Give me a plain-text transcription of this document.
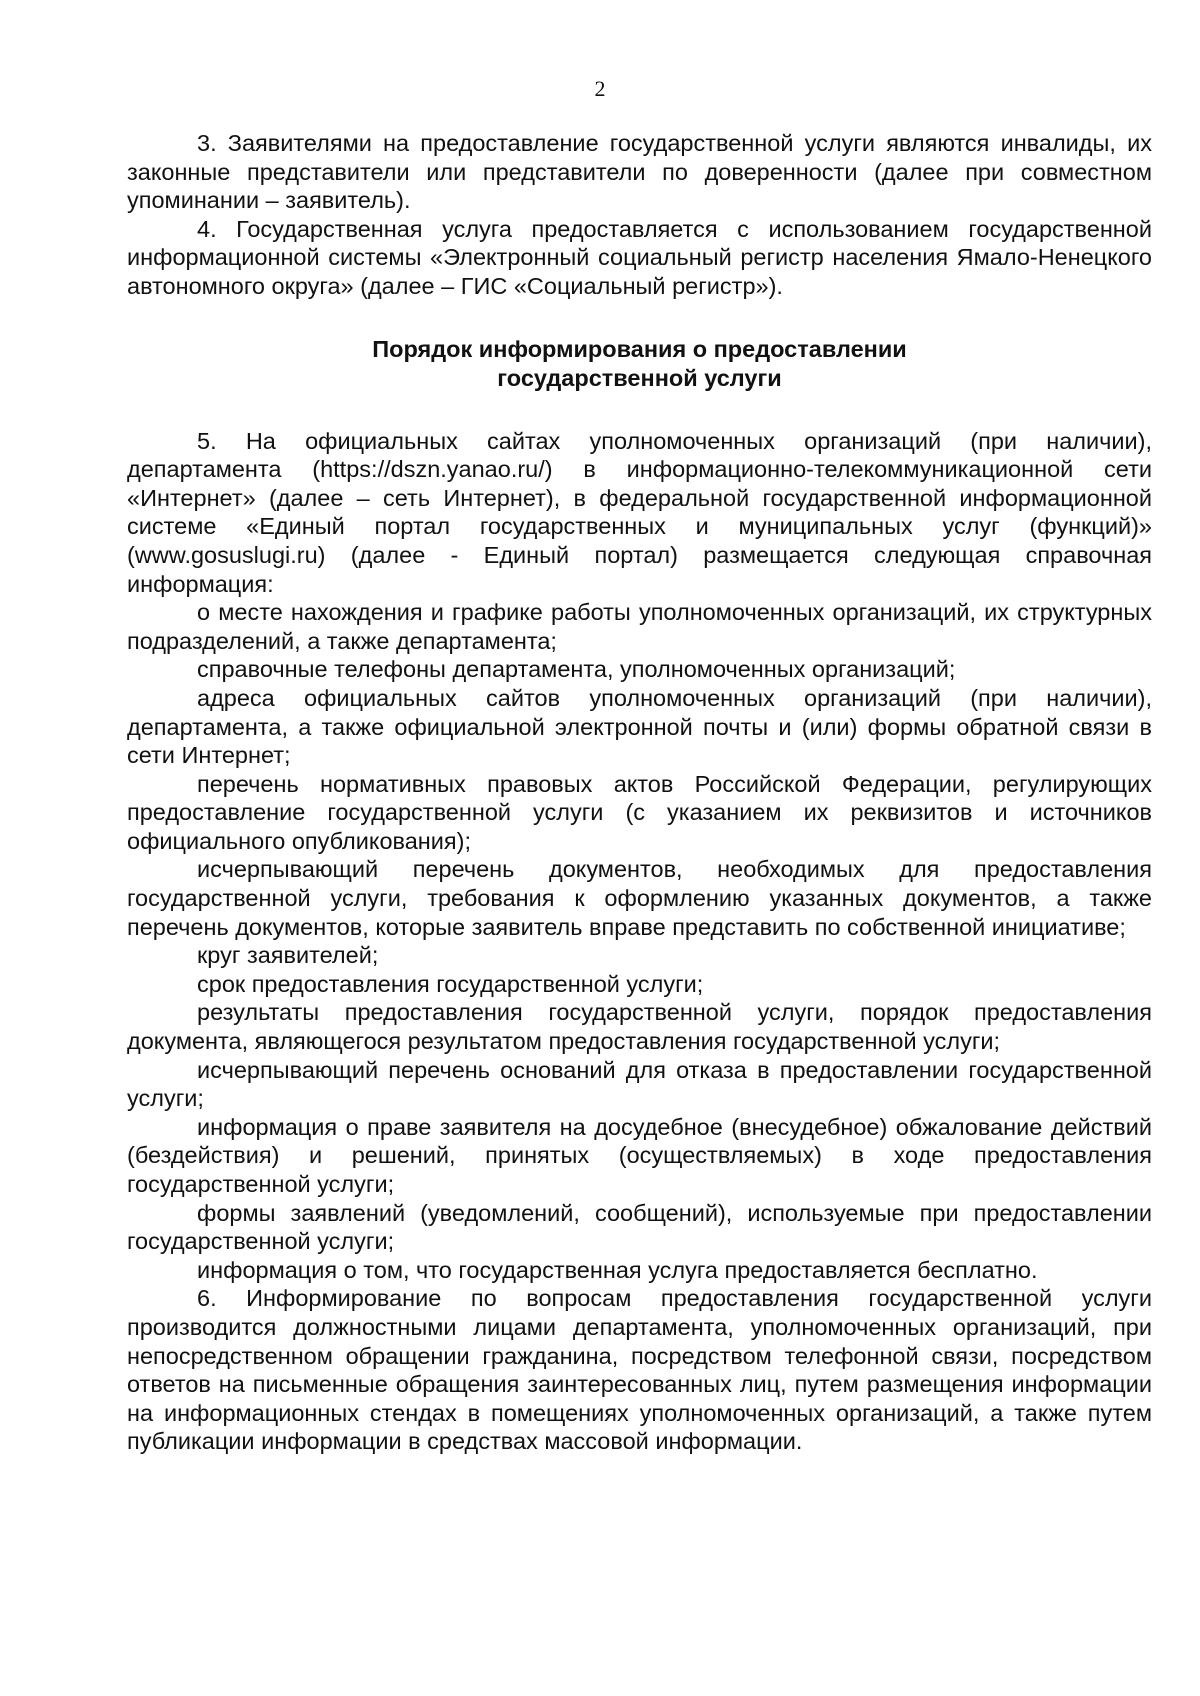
2

3. Заявителями на предоставление государственной услуги являются инвалиды, их законные представители или представители по доверенности (далее при совместном упоминании – заявитель).

4. Государственная услуга предоставляется с использованием государственной информационной системы «Электронный социальный регистр населения Ямало-Ненецкого автономного округа» (далее – ГИС «Социальный регистр»).

Порядок информирования о предоставлении
государственной услуги

5. На официальных сайтах уполномоченных организаций (при наличии), департамента (https://dszn.yanao.ru/) в информационно-телекоммуникационной сети «Интернет» (далее – сеть Интернет), в федеральной государственной информационной системе «Единый портал государственных и муниципальных услуг (функций)» (www.gosuslugi.ru) (далее - Единый портал) размещается следующая справочная информация:

о месте нахождения и графике работы уполномоченных организаций, их структурных подразделений, а также департамента;

справочные телефоны департамента, уполномоченных организаций;

адреса официальных сайтов уполномоченных организаций (при наличии), департамента, а также официальной электронной почты и (или) формы обратной связи в сети Интернет;

перечень нормативных правовых актов Российской Федерации, регулирующих предоставление государственной услуги (с указанием их реквизитов и источников официального опубликования);

исчерпывающий перечень документов, необходимых для предоставления государственной услуги, требования к оформлению указанных документов, а также перечень документов, которые заявитель вправе представить по собственной инициативе;

круг заявителей;

срок предоставления государственной услуги;

результаты предоставления государственной услуги, порядок предоставления документа, являющегося результатом предоставления государственной услуги;

исчерпывающий перечень оснований для отказа в предоставлении государственной услуги;

информация о праве заявителя на досудебное (внесудебное) обжалование действий (бездействия) и решений, принятых (осуществляемых) в ходе предоставления государственной услуги;

формы заявлений (уведомлений, сообщений), используемые при предоставлении государственной услуги;

информация о том, что государственная услуга предоставляется бесплатно.

6. Информирование по вопросам предоставления государственной услуги производится должностными лицами департамента, уполномоченных организаций, при непосредственном обращении гражданина, посредством телефонной связи, посредством ответов на письменные обращения заинтересованных лиц, путем размещения информации на информационных стендах в помещениях уполномоченных организаций, а также путем публикации информации в средствах массовой информации.
